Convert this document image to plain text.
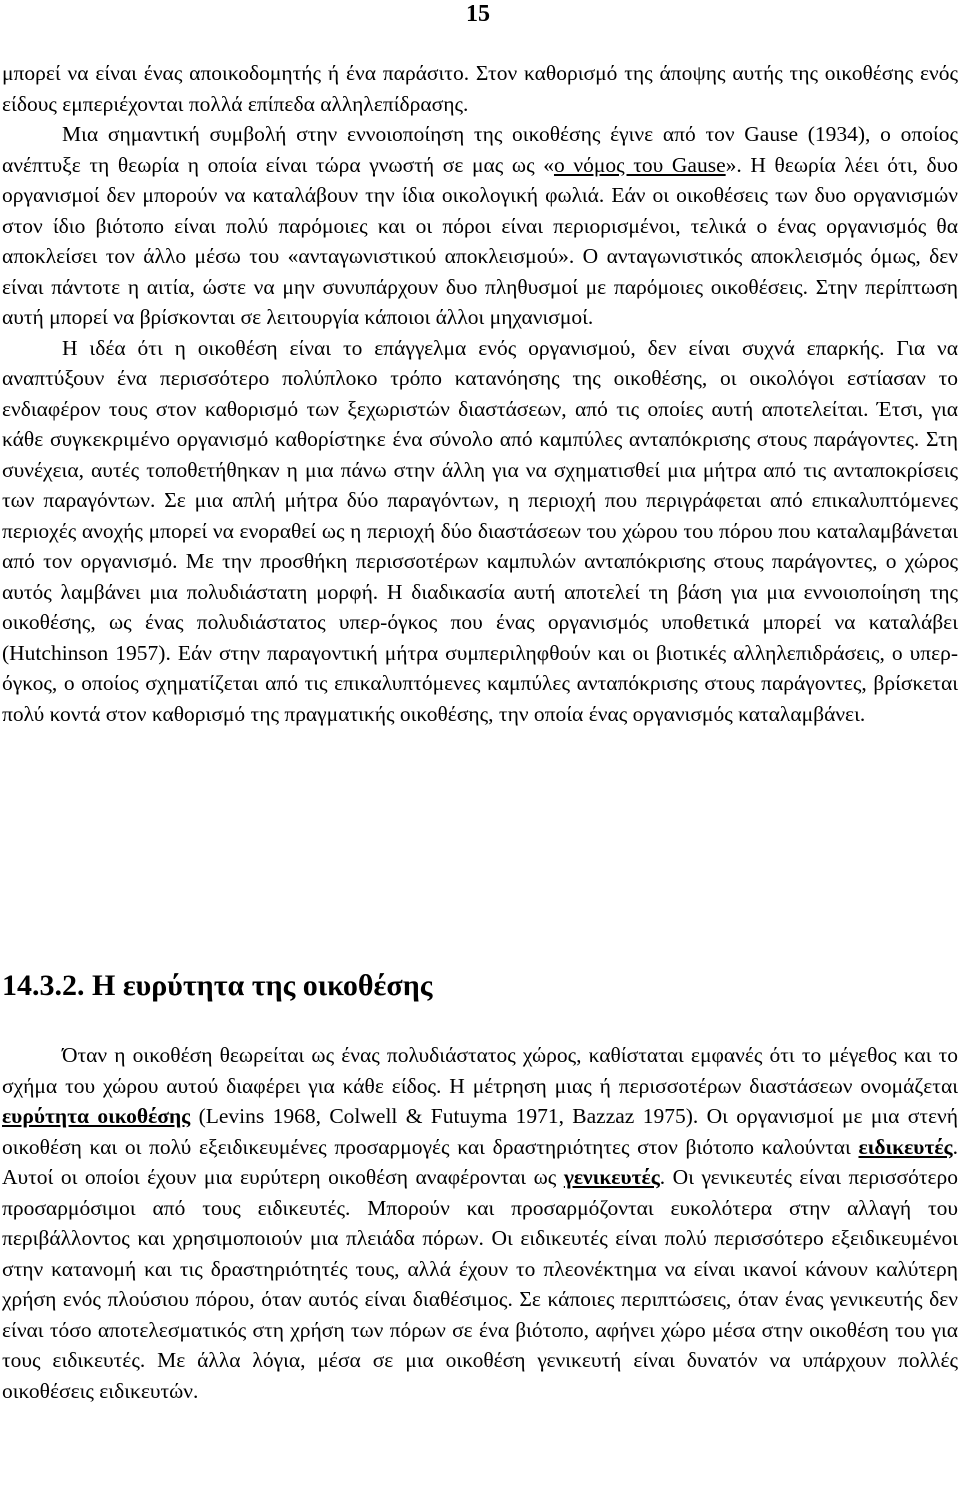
15

μπορεί να είναι ένας αποικοδομητής ή ένα παράσιτο. Στον καθορισμό της άποψης αυτής της οικοθέσης ενός είδους εμπεριέχονται πολλά επίπεδα αλληλεπίδρασης.

Μια σημαντική συμβολή στην εννοιοποίηση της οικοθέσης έγινε από τον Gause (1934), ο οποίος ανέπτυξε τη θεωρία η οποία είναι τώρα γνωστή σε μας ως «ο νόμος του Gause». Η θεωρία λέει ότι, δυο οργανισμοί δεν μπορούν να καταλάβουν την ίδια οικολογική φωλιά. Εάν οι οικοθέσεις των δυο οργανισμών στον ίδιο βιότοπο είναι πολύ παρόμοιες και οι πόροι είναι περιορισμένοι, τελικά ο ένας οργανισμός θα αποκλείσει τον άλλο μέσω του «ανταγωνιστικού αποκλεισμού». Ο ανταγωνιστικός αποκλεισμός όμως, δεν είναι πάντοτε η αιτία, ώστε να μην συνυπάρχουν δυο πληθυσμοί με παρόμοιες οικοθέσεις. Στην περίπτωση αυτή μπορεί να βρίσκονται σε λειτουργία κάποιοι άλλοι μηχανισμοί.

Η ιδέα ότι η οικοθέση είναι το επάγγελμα ενός οργανισμού, δεν είναι συχνά επαρκής. Για να αναπτύξουν ένα περισσότερο πολύπλοκο τρόπο κατανόησης της οικοθέσης, οι οικολόγοι εστίασαν το ενδιαφέρον τους στον καθορισμό των ξεχωριστών διαστάσεων, από τις οποίες αυτή αποτελείται. Έτσι, για κάθε συγκεκριμένο οργανισμό καθορίστηκε ένα σύνολο από καμπύλες ανταπόκρισης στους παράγοντες. Στη συνέχεια, αυτές τοποθετήθηκαν η μια πάνω στην άλλη για να σχηματισθεί μια μήτρα από τις ανταποκρίσεις των παραγόντων. Σε μια απλή μήτρα δύο παραγόντων, η περιοχή που περιγράφεται από επικαλυπτόμενες περιοχές ανοχής μπορεί να ενοραθεί ως η περιοχή δύο διαστάσεων του χώρου του πόρου που καταλαμβάνεται από τον οργανισμό. Με την προσθήκη περισσοτέρων καμπυλών ανταπόκρισης στους παράγοντες, ο χώρος αυτός λαμβάνει μια πολυδιάστατη μορφή. Η διαδικασία αυτή αποτελεί τη βάση για μια εννοιοποίηση της οικοθέσης, ως ένας πολυδιάστατος υπερ-όγκος που ένας οργανισμός υποθετικά μπορεί να καταλάβει (Hutchinson 1957). Εάν στην παραγοντική μήτρα συμπεριληφθούν και οι βιοτικές αλληλεπιδράσεις, ο υπερ-όγκος, ο οποίος σχηματίζεται από τις επικαλυπτόμενες καμπύλες ανταπόκρισης στους παράγοντες, βρίσκεται πολύ κοντά στον καθορισμό της πραγματικής οικοθέσης, την οποία ένας οργανισμός καταλαμβάνει.

14.3.2. Η ευρύτητα της οικοθέσης

Όταν η οικοθέση θεωρείται ως ένας πολυδιάστατος χώρος, καθίσταται εμφανές ότι το μέγεθος και το σχήμα του χώρου αυτού διαφέρει για κάθε είδος. Η μέτρηση μιας ή περισσοτέρων διαστάσεων ονομάζεται ευρύτητα οικοθέσης (Levins 1968, Colwell & Futuyma 1971, Bazzaz 1975). Οι οργανισμοί με μια στενή οικοθέση και οι πολύ εξειδικευμένες προσαρμογές και δραστηριότητες στον βιότοπο καλούνται ειδικευτές. Αυτοί οι οποίοι έχουν μια ευρύτερη οικοθέση αναφέρονται ως γενικευτές. Οι γενικευτές είναι περισσότερο προσαρμόσιμοι από τους ειδικευτές. Μπορούν και προσαρμόζονται ευκολότερα στην αλλαγή του περιβάλλοντος και χρησιμοποιούν μια πλειάδα πόρων. Οι ειδικευτές είναι πολύ περισσότερο εξειδικευμένοι στην κατανομή και τις δραστηριότητές τους, αλλά έχουν το πλεονέκτημα να είναι ικανοί κάνουν καλύτερη χρήση ενός πλούσιου πόρου, όταν αυτός είναι διαθέσιμος. Σε κάποιες περιπτώσεις, όταν ένας γενικευτής δεν είναι τόσο αποτελεσματικός στη χρήση των πόρων σε ένα βιότοπο, αφήνει χώρο μέσα στην οικοθέση του για τους ειδικευτές. Με άλλα λόγια, μέσα σε μια οικοθέση γενικευτή είναι δυνατόν να υπάρχουν πολλές οικοθέσεις ειδικευτών.
